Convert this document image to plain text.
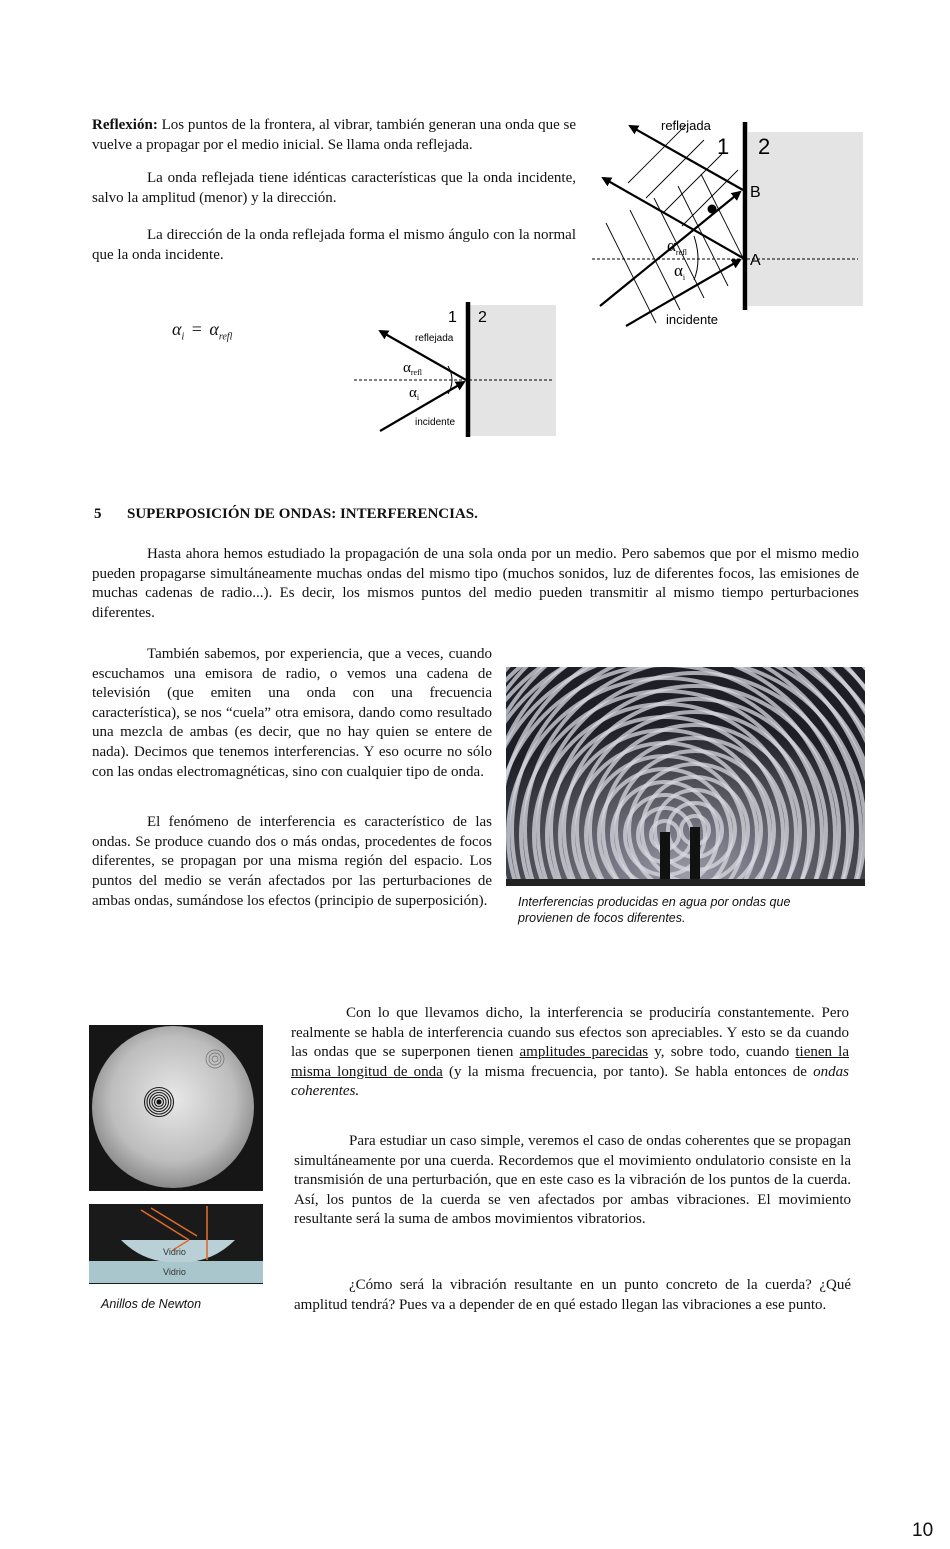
Reflexión: Los puntos de la frontera, al vibrar, también generan una onda que se vuelve a propagar por el medio inicial. Se llama onda reflejada.

La onda reflejada tiene idénticas características que la onda incidente, salvo la amplitud (menor) y la dirección.

La dirección de la onda reflejada forma el mismo ángulo con la normal que la onda incidente.

$\alpha_i = \alpha_{refl}$
reflejada
incidente
1 2
B
A
$\alpha_{refl}$
$\alpha_i$
1 2
reflejada
incidente
$\alpha_{refl}$
$\alpha_i$
5 SUPERPOSICIÓN DE ONDAS: INTERFERENCIAS.

Hasta ahora hemos estudiado la propagación de una sola onda por un medio. Pero sabemos que por el mismo medio pueden propagarse simultáneamente muchas ondas del mismo tipo (muchos sonidos, luz de diferentes focos, las emisiones de muchas cadenas de radio...). Es decir, los mismos puntos del medio pueden transmitir al mismo tiempo perturbaciones diferentes.

También sabemos, por experiencia, que a veces, cuando escuchamos una emisora de radio, o vemos una cadena de televisión (que emiten una onda con una frecuencia característica), se nos “cuela” otra emisora, dando como resultado una mezcla de ambas (es decir, que no hay quien se entere de nada). Decimos que tenemos interferencias. Y eso ocurre no sólo con las ondas electromagnéticas, sino con cualquier tipo de onda.

El fenómeno de interferencia es característico de las ondas. Se produce cuando dos o más ondas, procedentes de focos diferentes, se propagan por una misma región del espacio. Los puntos del medio se verán afectados por las perturbaciones de ambas ondas, sumándose los efectos (principio de superposición).	Interferencias producidas en agua por ondas que provienen de focos diferentes.
Vidrio
Vidrio
Anillos de Newton

Con lo que llevamos dicho, la interferencia se produciría constantemente. Pero realmente se habla de interferencia cuando sus efectos son apreciables. Y esto se da cuando las ondas que se superponen tienen amplitudes parecidas y, sobre todo, cuando tienen la misma longitud de onda (y la misma frecuencia, por tanto). Se habla entonces de ondas coherentes.

Para estudiar un caso simple, veremos el caso de ondas coherentes que se propagan simultáneamente por una cuerda. Recordemos que el movimiento ondulatorio consiste en la transmisión de una perturbación, que en este caso es la vibración de los puntos de la cuerda. Así, los puntos de la cuerda se ven afectados por ambas vibraciones. El movimiento resultante será la suma de ambos movimientos vibratorios.

¿Cómo será la vibración resultante en un punto concreto de la cuerda? ¿Qué amplitud tendrá? Pues va a depender de en qué estado llegan las vibraciones a ese punto.

10
